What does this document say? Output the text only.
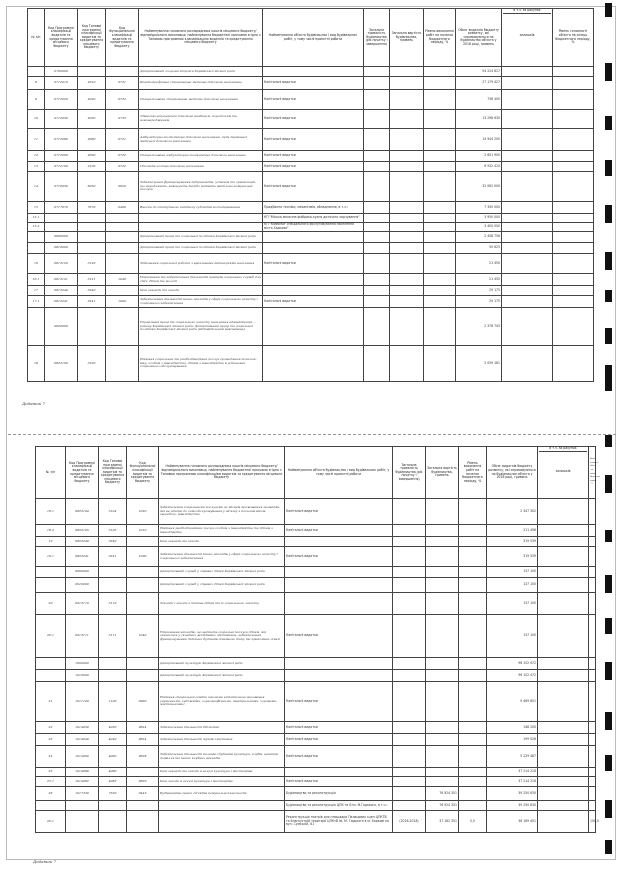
№ з/п	Код Програмної класифікації видатків та кредитування місцевого бюджету	Код Типової програмної класифікації видатків та кредитування місцевого бюджету	Код Функціональної класифікації видатків та кредитування бюджету	Найменування головного розпорядника коштів місцевого бюджету/ відповідального виконавця, найменування бюджетної програми згідно з Типовою програмною класифікацією видатків та кредитування місцевого бюджету	Найменування об'єкта будівництва / вид будівельних робіт, у тому числі проектні роботи	Загальна тривалість будівництва (рік початку і завершення)	Загальна вартість будівництва, гривень	Рівень виконання робіт на початок бюджетного періоду, %	Обсяг видатків бюджету розвитку, які спрямовуються на будівництво об'єкта у 2018 році, гривень	в т.ч. за рахунок
залишків	Рівень готовності об'єкта на кінець бюджетного періоду, %
	0700000			Департамент охорони здоров'я Харківської міської ради					54 224 817		
8	0712010	2010	0731	Багатопрофільна стаціонарна медична допомога населенню	Капітальні видатки				27 179 427		
9	0712020	2020	0732	Спеціалізована стаціонарна медична допомога населенню	Капітальні видатки				738 400		
10	0712030	2030	0733	Лікарсько-акушерська допомога вагітним, породіллям та новонародженим	Капітальні видатки				13 298 630		
11	0712080	2080	0721	Амбулаторно-поліклінічна допомога населенню, крім первинної медичної допомоги населенню	Капітальні видатки				14 944 200		
12	0712090	2090	0722	Спеціалізована амбулаторно-поліклінічна допомога населенню	Капітальні видатки				2 601 900		
13	0712100	2100	0722	Стоматологічна допомога населенню	Капітальні видатки				6 932 410		
14	0716030	6030	0620	Забезпечення функціонування підприємств, установ та організацій, що виробляють, виконують та/або надають житлово-комунальні послуги	Капітальні видатки				32 062 000		
15	0717670	7670	0490	Внески до статутного капіталу суб'єктів господарювання	Придбання техніки, механізмів, обладнання, в т.ч.:				7 350 000		
15.1					КП "Міська молочна фабрика-кухня дитячого харчування"				3 950 000		
15.2					КП "Комбінат спеціального обслуговування населення міста Харкова"				3 400 000		
	0800000			Департамент праці та соціальної політики Харківської міської ради					2 458 756		
	0810000			Департамент праці та соціальної політики Харківської міської ради					50 625		
16	0813120	3120		Здійснення соціальної роботи з вразливими категоріями населення	Капітальні видатки				21 450		
16.1	0813121	3121	1040	Утримання та забезпечення діяльності центрів соціальних служб для сім'ї, дітей та молоді					21 450		
17	0813240	3240		Інші заклади та заходи					29 175		
17.1	0813241	3241	1090	Забезпечення діяльності інших закладів у сфері соціального захисту і соціального забезпечення	Капітальні видатки				29 175		
	0820000			Управління праці та соціального захисту населення адміністрації ... району Харківської міської ради; Департамент праці та соціальної політики Харківської міської ради (відповідальний виконавець)					2 378 743		
18	0823100	3100		Надання соціальних та реабілітаційних послуг громадянам похилого віку, особам з інвалідністю, дітям з інвалідністю в установах соціального обслуговування					2 059 181		
Додаток 7
№ з/п	Код Програмної класифікації видатків та кредитування місцевого бюджету	Код Типової програмної класифікації видатків та кредитування місцевого бюджету	Код Функціональної класифікації видатків та кредитування бюджету	Найменування головного розпорядника коштів місцевого бюджету/ відповідального виконавця, найменування бюджетної програми згідно з Типовою програмною класифікацією видатків та кредитування місцевого бюджету	Найменування об'єкта будівництва / вид будівельних робіт, у тому числі проектні роботи	Загальна тривалість будівництва (рік початку і завершення)	Загальна вартість будівництва, гривень	Рівень виконання робіт на початок бюджетного періоду, %	Обсяг видатків бюджету розвитку, які спрямовуються на будівництво об'єкта у 2018 році, гривень	в т.ч. за рахунок
залишків	Рівень готовності об'єкта на кінець бюджетного періоду, %
18.1	0823104	3104	1020	Забезпечення соціальними послугами за місцем проживання громадян, які не здатні до самообслуговування у зв'язку з похилим віком, хворобою, інвалідністю	Капітальні видатки				2 347 302		
18.2	0823105	3105	1010	Надання реабілітаційних послуг особам з інвалідністю та дітям з інвалідністю	Капітальні видатки				211 498		
19	0823240	3240		Інші заклади та заходи					319 539		
19.1	0823241	3241	1090	Забезпечення діяльності інших закладів у сфері соціального захисту і соціального забезпечення	Капітальні видатки				319 539		
	0900000			Департамент служб у справах дітей Харківської міської ради					137 100		
	0910000			Департамент служб у справах дітей Харківської міської ради					137 100		
20	0913110	3110		Заклади і заходи з питань дітей та їх соціального захисту					137 100		
20.1	0913111	3111	1040	Утримання закладів, що надають соціальні послуги дітям, які опинились у складних життєвих обставинах, забезпечення функціонування дитячих будинків сімейного типу та прийомних сімей	Капітальні видатки				137 100		
	1000000			Департамент культури Харківської міської ради					96 152 472		
	1010000			Департамент культури Харківської міської ради					96 152 472		
21	1011100	1100	0960	Надання спеціальної освіти школами естетичного виховання (музичними, художніми, хореографічними, театральними, хоровими, мистецькими)	Капітальні видатки				9 469 851		
22	1014030	4030	0824	Забезпечення діяльності бібліотек	Капітальні видатки				148 200		
23	1014040	4040	0824	Забезпечення діяльності музеїв і виставок	Капітальні видатки				199 026		
24	1014060	4060	0828	Забезпечення діяльності палаців i будинків культури, клубів, центрів дозвілля та інших клубних закладів	Капітальні видатки				5 229 487		
25	1014080	4080		Інші заклади та заходи в галузі культури і мистецтва					37 214 218		
25.1	1014082	4082	0829	Інші заходи в галузі культури і мистецтва	Капітальні видатки				37 214 218		
26	1017330	7330	0443	Будівництво інших об'єктів комунальної власності	Будівництво та реконструкція		76 924 351		39 250 630		
					Будівництво та реконструкція ЦПК та В ім. М.Горького, в т.ч.:		76 924 351		39 250 630		
26.1					Реконструкція театрів для площадки Палацових сцен ЦПКТВ та благоустрій території ЦПКтВ ім. М. Горького в м. Харкові по вул. Сумській, 81	(2016-2018)	37 182 351	5,0	38 189 451		100,0
Додаток 7
